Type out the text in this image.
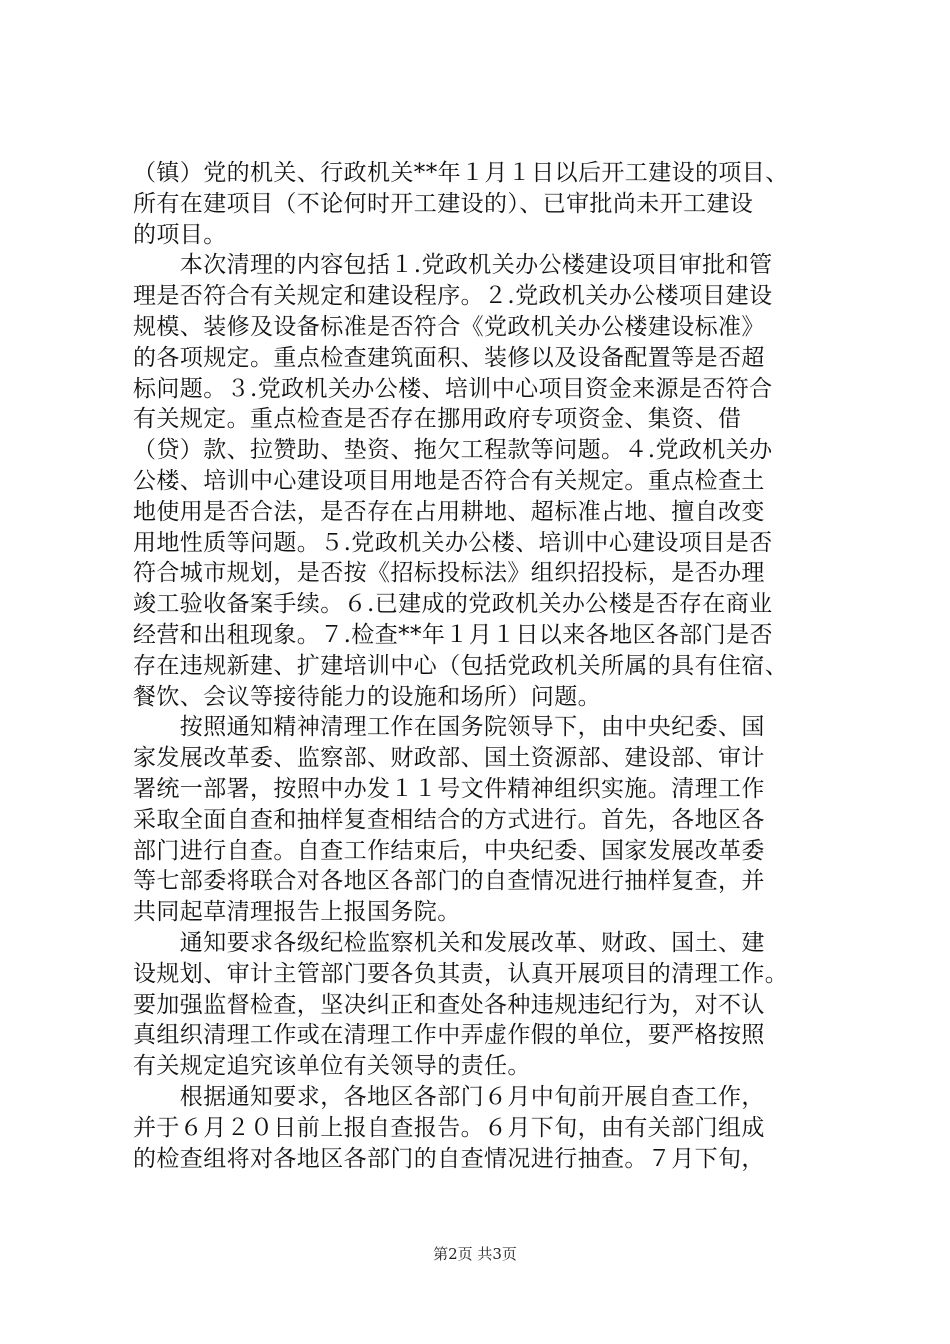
（镇）党的机关、行政机关**年１月１日以后开工建设的项目、
所有在建项目（不论何时开工建设的）、已审批尚未开工建设
的项目。
　　本次清理的内容包括１.党政机关办公楼建设项目审批和管
理是否符合有关规定和建设程序。２.党政机关办公楼项目建设
规模、装修及设备标准是否符合《党政机关办公楼建设标准》
的各项规定。重点检查建筑面积、装修以及设备配置等是否超
标问题。３.党政机关办公楼、培训中心项目资金来源是否符合
有关规定。重点检查是否存在挪用政府专项资金、集资、借
（贷）款、拉赞助、垫资、拖欠工程款等问题。４.党政机关办
公楼、培训中心建设项目用地是否符合有关规定。重点检查土
地使用是否合法，是否存在占用耕地、超标准占地、擅自改变
用地性质等问题。５.党政机关办公楼、培训中心建设项目是否
符合城市规划，是否按《招标投标法》组织招投标，是否办理
竣工验收备案手续。６.已建成的党政机关办公楼是否存在商业
经营和出租现象。７.检查**年１月１日以来各地区各部门是否
存在违规新建、扩建培训中心（包括党政机关所属的具有住宿、
餐饮、会议等接待能力的设施和场所）问题。
　　按照通知精神清理工作在国务院领导下，由中央纪委、国
家发展改革委、监察部、财政部、国土资源部、建设部、审计
署统一部署，按照中办发１１号文件精神组织实施。清理工作
采取全面自查和抽样复查相结合的方式进行。首先，各地区各
部门进行自查。自查工作结束后，中央纪委、国家发展改革委
等七部委将联合对各地区各部门的自查情况进行抽样复查，并
共同起草清理报告上报国务院。
　　通知要求各级纪检监察机关和发展改革、财政、国土、建
设规划、审计主管部门要各负其责，认真开展项目的清理工作。
要加强监督检查，坚决纠正和查处各种违规违纪行为，对不认
真组织清理工作或在清理工作中弄虚作假的单位，要严格按照
有关规定追究该单位有关领导的责任。
　　根据通知要求，各地区各部门６月中旬前开展自查工作，
并于６月２０日前上报自查报告。６月下旬，由有关部门组成
的检查组将对各地区各部门的自查情况进行抽查。７月下旬，
第2页 共3页
